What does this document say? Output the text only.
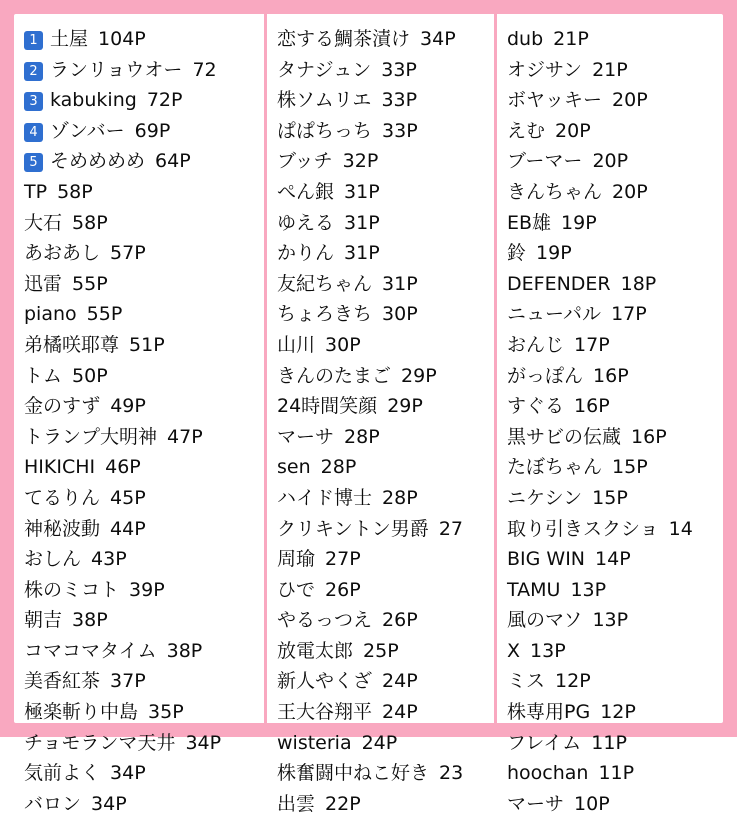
1 土屋 104P
2 ランリョウオー 72
3 kabuking 72P
4 ゾンバー 69P
5 そめめめめ 64P
TP 58P
大石 58P
あおあし 57P
迅雷 55P
piano 55P
弟橘咲耶尊 51P
トム 50P
金のすず 49P
トランプ大明神 47P
HIKICHI 46P
てるりん 45P
神秘波動 44P
おしん 43P
株のミコト 39P
朝吉 38P
コマコマタイム 38P
美香紅茶 37P
極楽斬り中島 35P
チョモランマ天井 34P
気前よく 34P
バロン 34P
恋する鯛茶漬け 34P
タナジュン 33P
株ソムリエ 33P
ぱぱちっち 33P
ブッチ 32P
ぺん銀 31P
ゆえる 31P
かりん 31P
友紀ちゃん 31P
ちょろきち 30P
山川 30P
きんのたまご 29P
24時間笑顔 29P
マーサ 28P
sen 28P
ハイド博士 28P
クリキントン男爵 27
周瑜 27P
ひで 26P
やるっつえ 26P
放電太郎 25P
新人やくざ 24P
王大谷翔平 24P
wisteria 24P
株奮闘中ねこ好き 23
出雲 22P
dub 21P
オジサン 21P
ボヤッキー 20P
えむ 20P
ブーマー 20P
きんちゃん 20P
EB雄 19P
鈴 19P
DEFENDER 18P
ニューパル 17P
おんじ 17P
がっぽん 16P
すぐる 16P
黒サビの伝蔵 16P
たぼちゃん 15P
ニケシン 15P
取り引きスクショ 14
BIG WIN 14P
TAMU 13P
風のマソ 13P
X 13P
ミス 12P
株専用PG 12P
フレイム 11P
hoochan 11P
マーサ 10P
